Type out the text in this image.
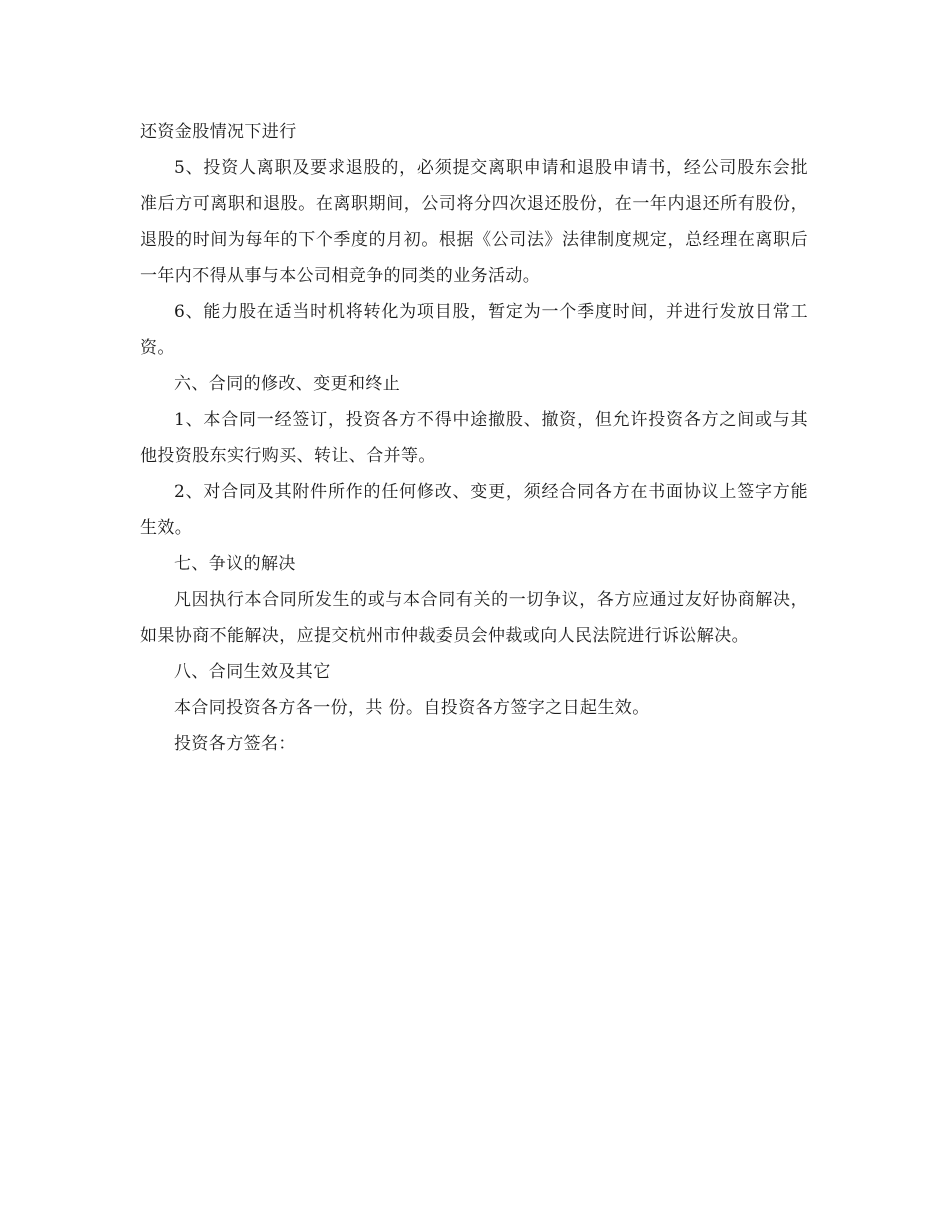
还资金股情况下进行

5、投资人离职及要求退股的，必须提交离职申请和退股申请书，经公司股东会批准后方可离职和退股。在离职期间，公司将分四次退还股份，在一年内退还所有股份，退股的时间为每年的下个季度的月初。根据《公司法》法律制度规定，总经理在离职后一年内不得从事与本公司相竞争的同类的业务活动。

6、能力股在适当时机将转化为项目股，暂定为一个季度时间，并进行发放日常工资。

六、合同的修改、变更和终止

1、本合同一经签订，投资各方不得中途撤股、撤资，但允许投资各方之间或与其他投资股东实行购买、转让、合并等。

2、对合同及其附件所作的任何修改、变更，须经合同各方在书面协议上签字方能生效。

七、争议的解决

凡因执行本合同所发生的或与本合同有关的一切争议，各方应通过友好协商解决，如果协商不能解决，应提交杭州市仲裁委员会仲裁或向人民法院进行诉讼解决。

八、合同生效及其它

本合同投资各方各一份，共 份。自投资各方签字之日起生效。

投资各方签名：
